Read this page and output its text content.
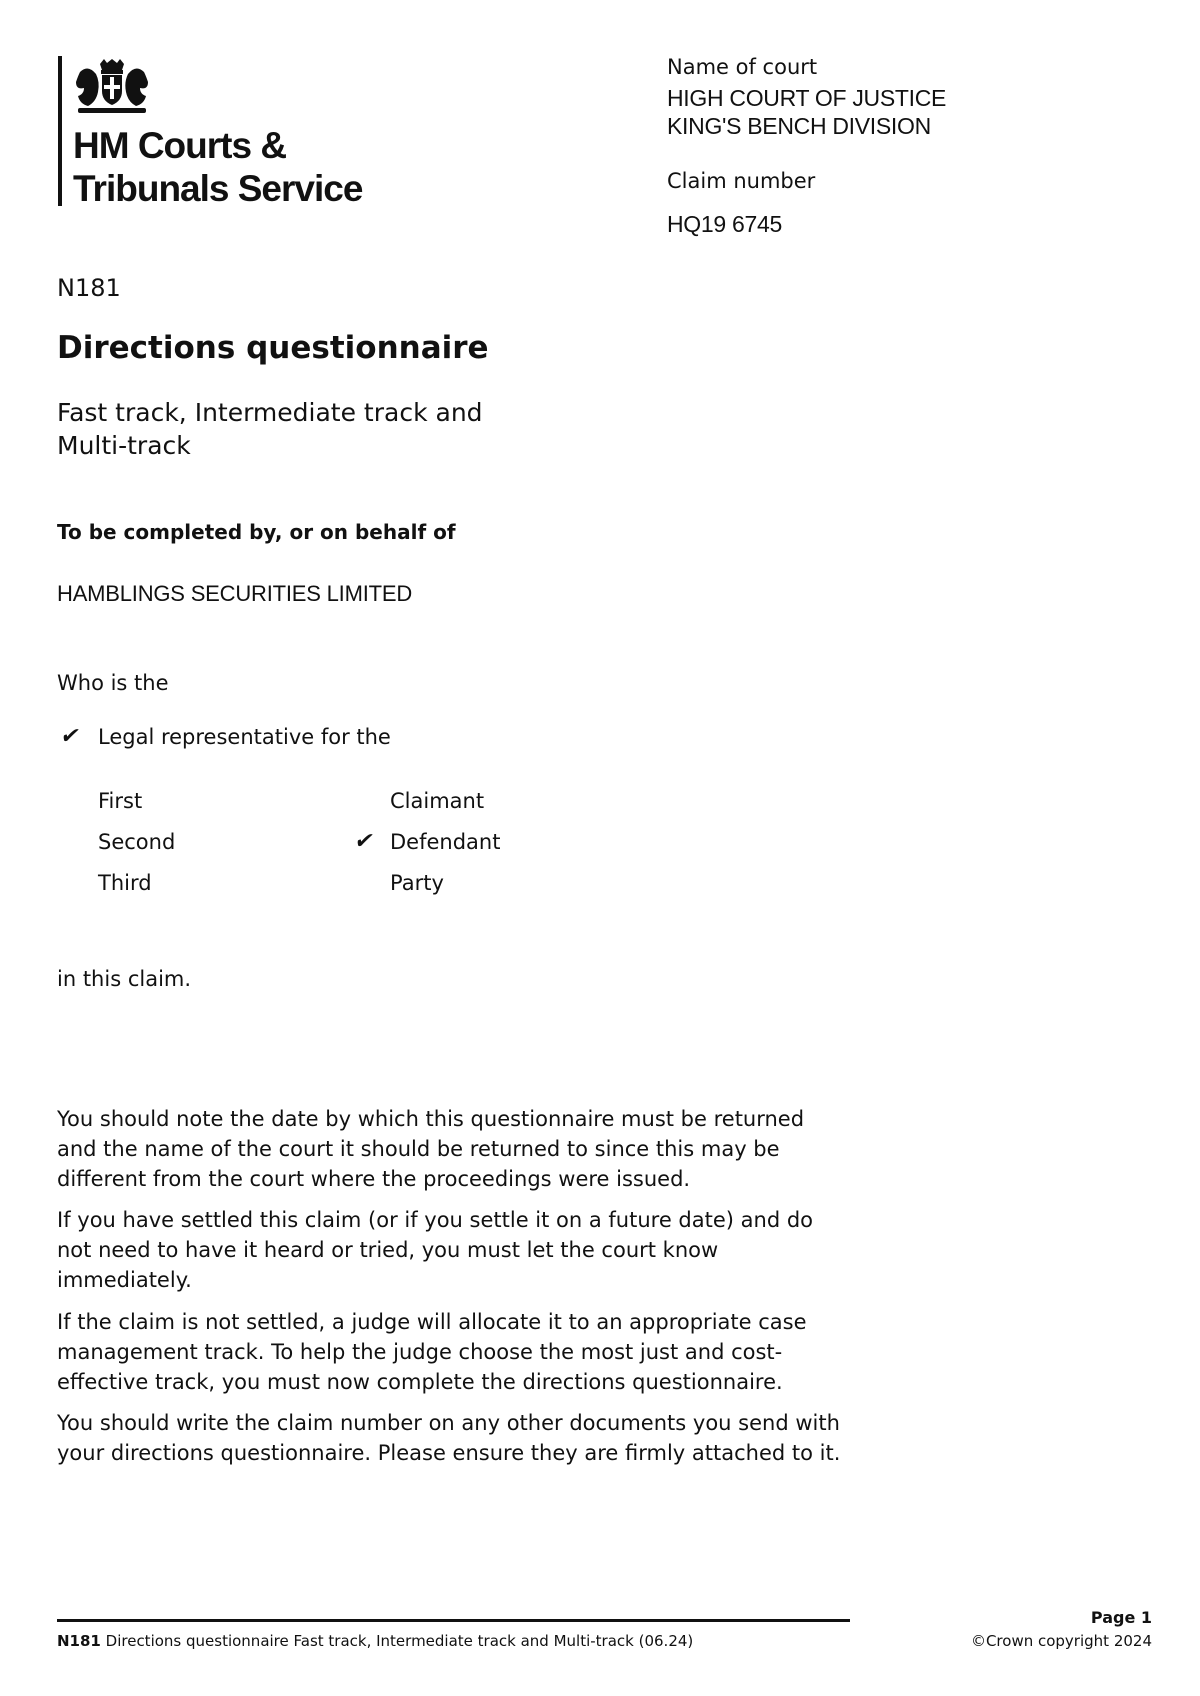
HM Courts &
Tribunals Service
Name of court
HIGH COURT OF JUSTICE
KING'S BENCH DIVISION
Claim number
HQ19 6745
N181
Directions questionnaire
Fast track, Intermediate track and
Multi-track
To be completed by, or on behalf of
HAMBLINGS SECURITIES LIMITED
Who is the
✔ Legal representative for the
First
Second
Third
Claimant
✔ Defendant
Party
in this claim.
You should note the date by which this questionnaire must be returned and the name of the court it should be returned to since this may be different from the court where the proceedings were issued.
If you have settled this claim (or if you settle it on a future date) and do not need to have it heard or tried, you must let the court know immediately.
If the claim is not settled, a judge will allocate it to an appropriate case management track. To help the judge choose the most just and cost-effective track, you must now complete the directions questionnaire.
You should write the claim number on any other documents you send with your directions questionnaire. Please ensure they are firmly attached to it.
N181 Directions questionnaire Fast track, Intermediate track and Multi-track (06.24)
Page 1
©Crown copyright 2024
